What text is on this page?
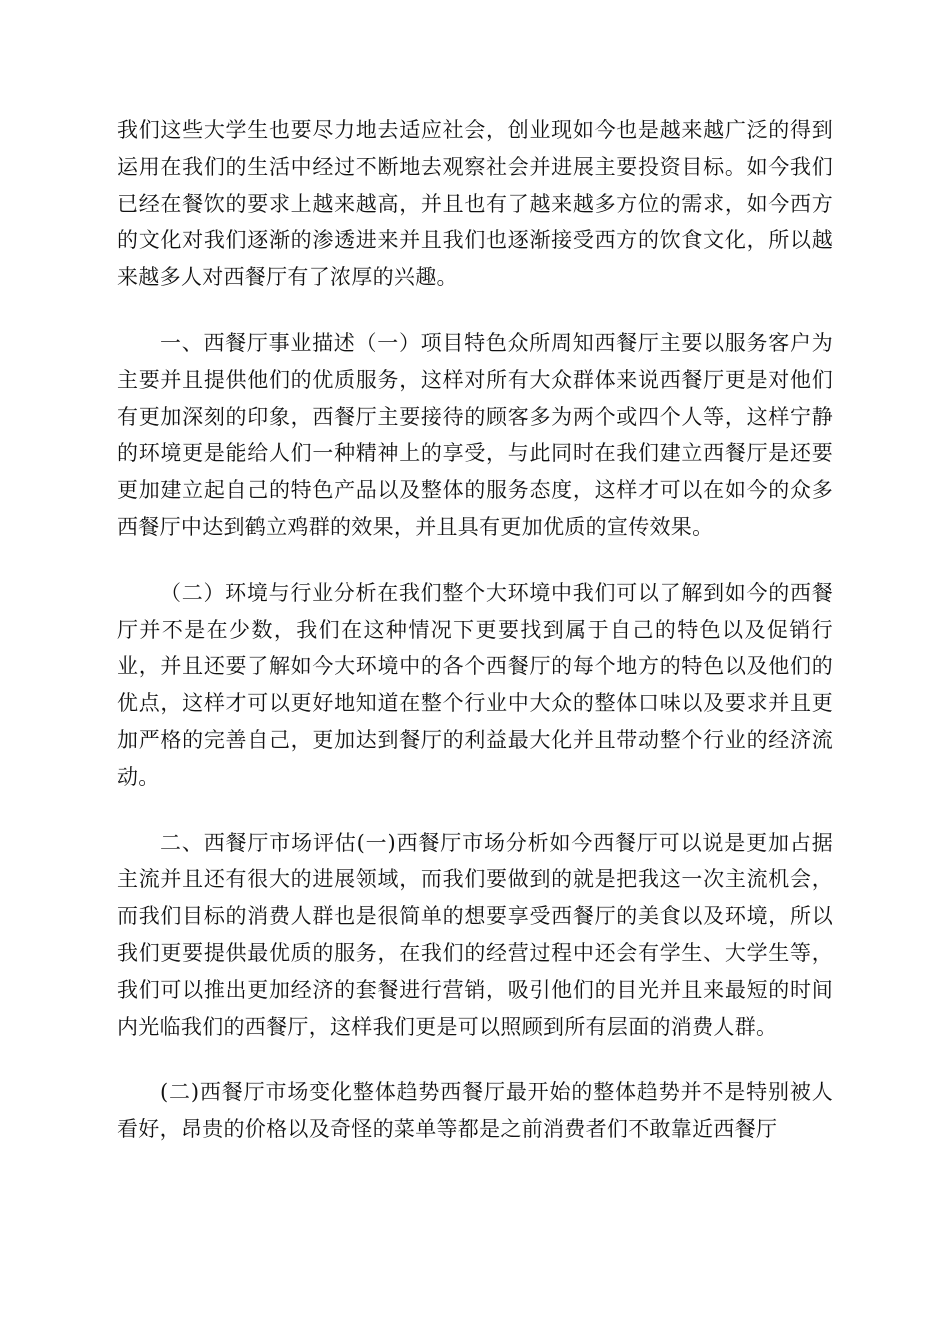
我们这些大学生也要尽力地去适应社会，创业现如今也是越来越广泛的得到运用在我们的生活中经过不断地去观察社会并进展主要投资目标。如今我们已经在餐饮的要求上越来越高，并且也有了越来越多方位的需求，如今西方的文化对我们逐渐的渗透进来并且我们也逐渐接受西方的饮食文化，所以越来越多人对西餐厅有了浓厚的兴趣。

一、西餐厅事业描述（一）项目特色众所周知西餐厅主要以服务客户为主要并且提供他们的优质服务，这样对所有大众群体来说西餐厅更是对他们有更加深刻的印象，西餐厅主要接待的顾客多为两个或四个人等，这样宁静的环境更是能给人们一种精神上的享受，与此同时在我们建立西餐厅是还要更加建立起自己的特色产品以及整体的服务态度，这样才可以在如今的众多西餐厅中达到鹤立鸡群的效果，并且具有更加优质的宣传效果。

（二）环境与行业分析在我们整个大环境中我们可以了解到如今的西餐厅并不是在少数，我们在这种情况下更要找到属于自己的特色以及促销行业，并且还要了解如今大环境中的各个西餐厅的每个地方的特色以及他们的优点，这样才可以更好地知道在整个行业中大众的整体口味以及要求并且更加严格的完善自己，更加达到餐厅的利益最大化并且带动整个行业的经济流动。

二、西餐厅市场评估(一)西餐厅市场分析如今西餐厅可以说是更加占据主流并且还有很大的进展领域，而我们要做到的就是把我这一次主流机会，而我们目标的消费人群也是很简单的想要享受西餐厅的美食以及环境，所以我们更要提供最优质的服务，在我们的经营过程中还会有学生、大学生等，我们可以推出更加经济的套餐进行营销，吸引他们的目光并且来最短的时间内光临我们的西餐厅，这样我们更是可以照顾到所有层面的消费人群。

(二)西餐厅市场变化整体趋势西餐厅最开始的整体趋势并不是特别被人看好，昂贵的价格以及奇怪的菜单等都是之前消费者们不敢靠近西餐厅
